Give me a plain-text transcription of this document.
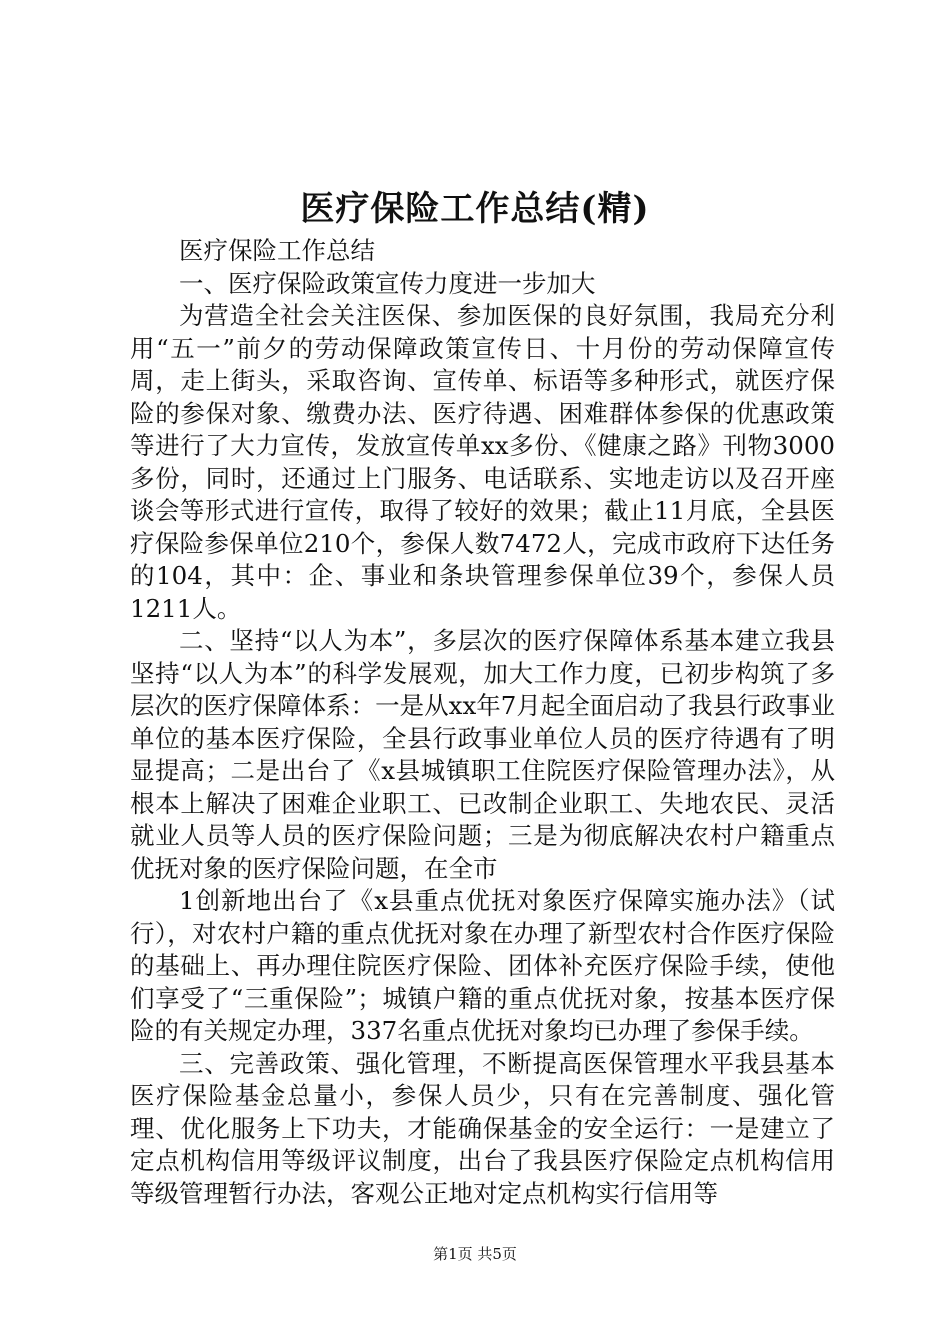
医疗保险工作总结(精)

医疗保险工作总结

一、医疗保险政策宣传力度进一步加大

为营造全社会关注医保、参加医保的良好氛围，我局充分利用“五一”前夕的劳动保障政策宣传日、十月份的劳动保障宣传周，走上街头，采取咨询、宣传单、标语等多种形式，就医疗保险的参保对象、缴费办法、医疗待遇、困难群体参保的优惠政策等进行了大力宣传，发放宣传单xx多份、《健康之路》刊物3000多份，同时，还通过上门服务、电话联系、实地走访以及召开座谈会等形式进行宣传，取得了较好的效果；截止11月底，全县医疗保险参保单位210个，参保人数7472人，完成市政府下达任务的104，其中：企、事业和条块管理参保单位39个，参保人员1211人。

二、坚持“以人为本”，多层次的医疗保障体系基本建立我县坚持“以人为本”的科学发展观，加大工作力度，已初步构筑了多层次的医疗保障体系：一是从xx年7月起全面启动了我县行政事业单位的基本医疗保险，全县行政事业单位人员的医疗待遇有了明显提高；二是出台了《x县城镇职工住院医疗保险管理办法》，从根本上解决了困难企业职工、已改制企业职工、失地农民、灵活就业人员等人员的医疗保险问题；三是为彻底解决农村户籍重点优抚对象的医疗保险问题，在全市

1创新地出台了《x县重点优抚对象医疗保障实施办法》（试行），对农村户籍的重点优抚对象在办理了新型农村合作医疗保险的基础上、再办理住院医疗保险、团体补充医疗保险手续，使他们享受了“三重保险”；城镇户籍的重点优抚对象，按基本医疗保险的有关规定办理，337名重点优抚对象均已办理了参保手续。

三、完善政策、强化管理，不断提高医保管理水平我县基本医疗保险基金总量小，参保人员少，只有在完善制度、强化管理、优化服务上下功夫，才能确保基金的安全运行：一是建立了定点机构信用等级评议制度，出台了我县医疗保险定点机构信用等级管理暂行办法，客观公正地对定点机构实行信用等

第1页 共5页
